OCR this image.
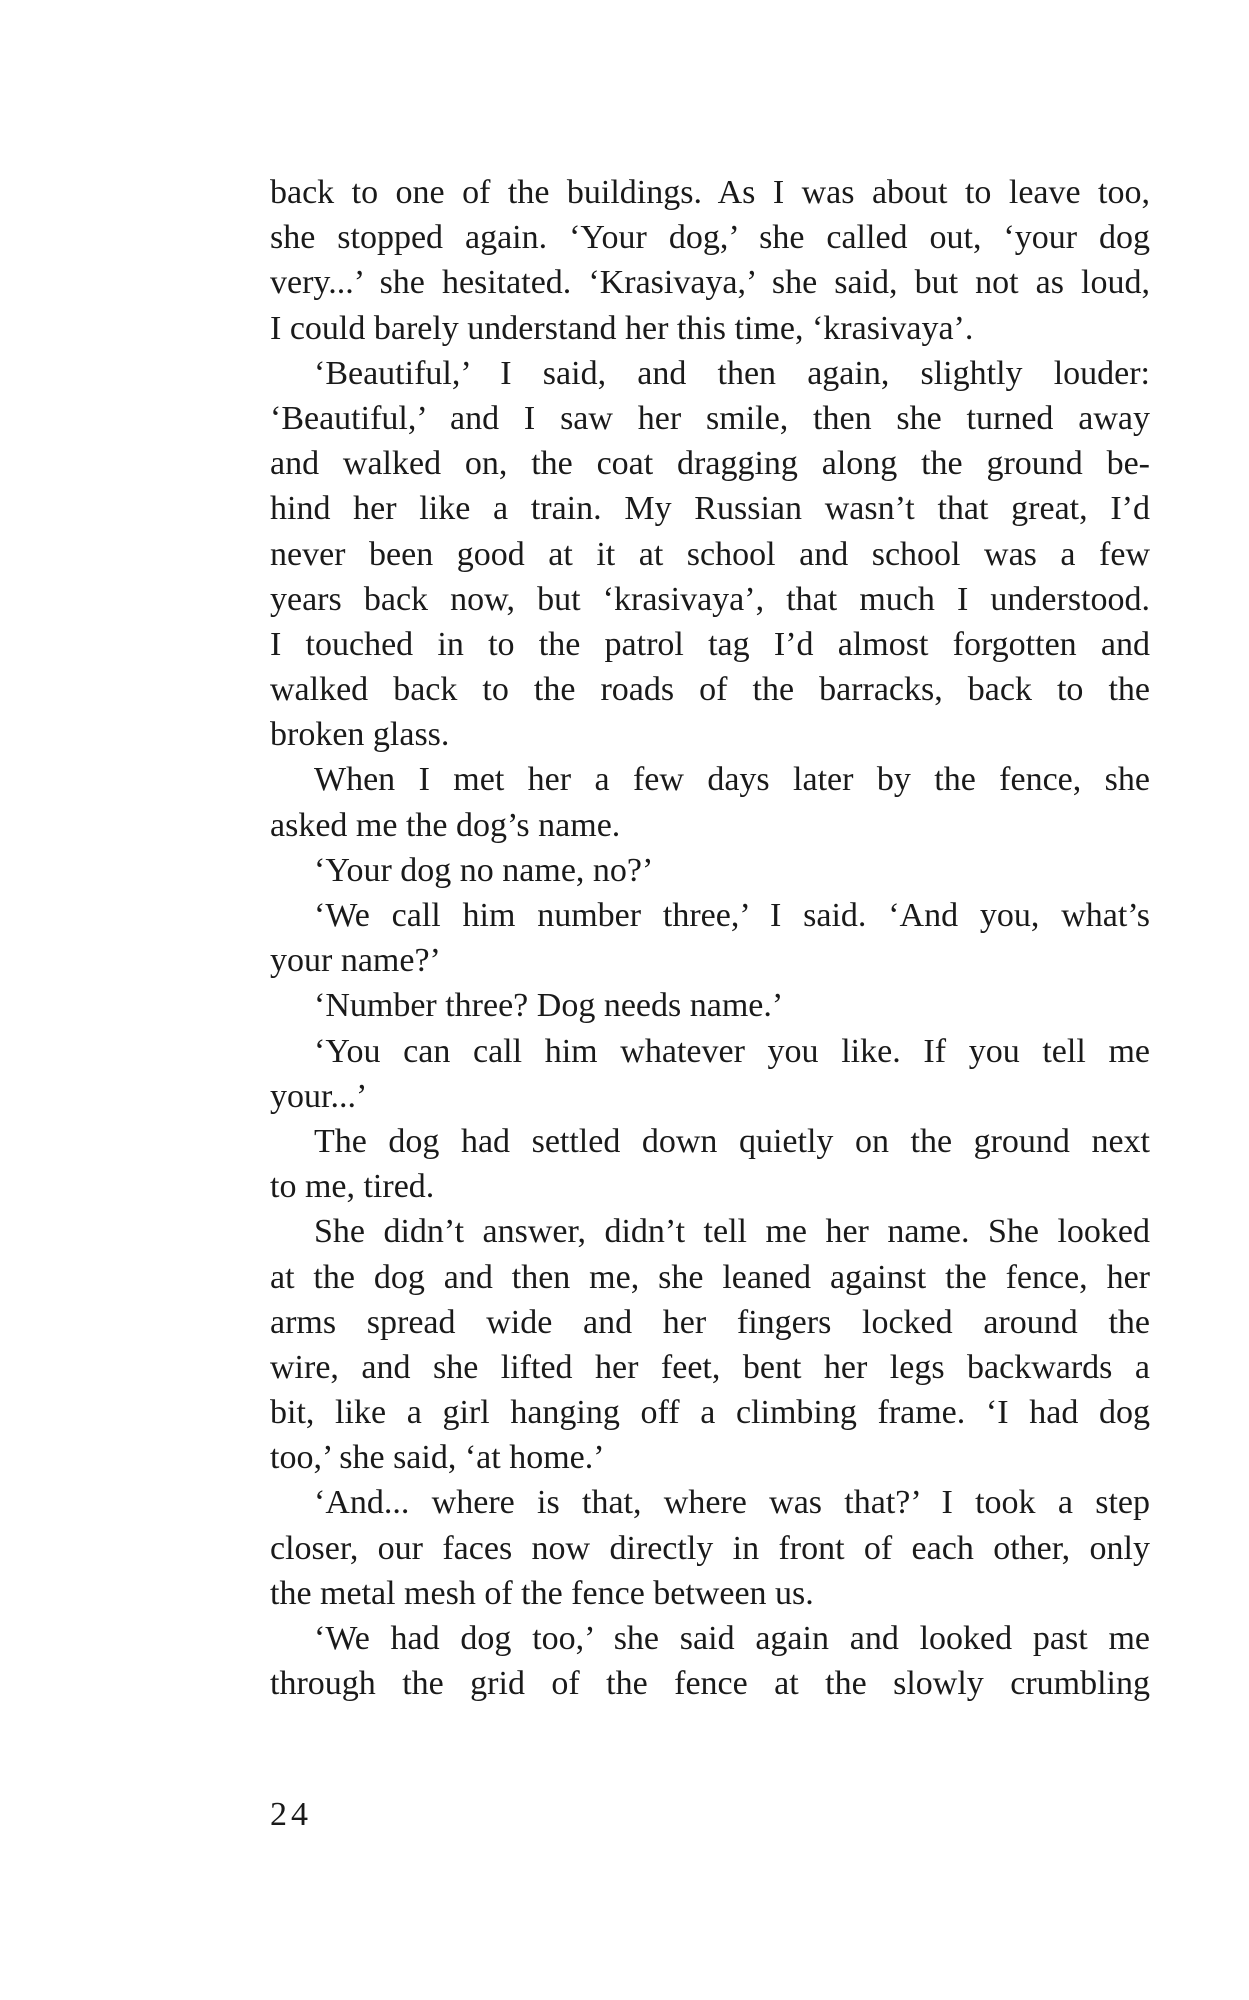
back to one of the buildings. As I was about to leave too,
she stopped again. ‘Your dog,’ she called out, ‘your dog
very...’ she hesitated. ‘Krasivaya,’ she said, but not as loud,
I could barely understand her this time, ‘krasivaya’.
‘Beautiful,’ I said, and then again, slightly louder:
‘Beautiful,’ and I saw her smile, then she turned away
and walked on, the coat dragging along the ground be-
hind her like a train. My Russian wasn’t that great, I’d
never been good at it at school and school was a few
years back now, but ‘krasivaya’, that much I understood.
I touched in to the patrol tag I’d almost forgotten and
walked back to the roads of the barracks, back to the
broken glass.
When I met her a few days later by the fence, she
asked me the dog’s name.
‘Your dog no name, no?’
‘We call him number three,’ I said. ‘And you, what’s
your name?’
‘Number three? Dog needs name.’
‘You can call him whatever you like. If you tell me
your...’
The dog had settled down quietly on the ground next
to me, tired.
She didn’t answer, didn’t tell me her name. She looked
at the dog and then me, she leaned against the fence, her
arms spread wide and her fingers locked around the
wire, and she lifted her feet, bent her legs backwards a
bit, like a girl hanging off a climbing frame. ‘I had dog
too,’ she said, ‘at home.’
‘And... where is that, where was that?’ I took a step
closer, our faces now directly in front of each other, only
the metal mesh of the fence between us.
‘We had dog too,’ she said again and looked past me
through the grid of the fence at the slowly crumbling
24
